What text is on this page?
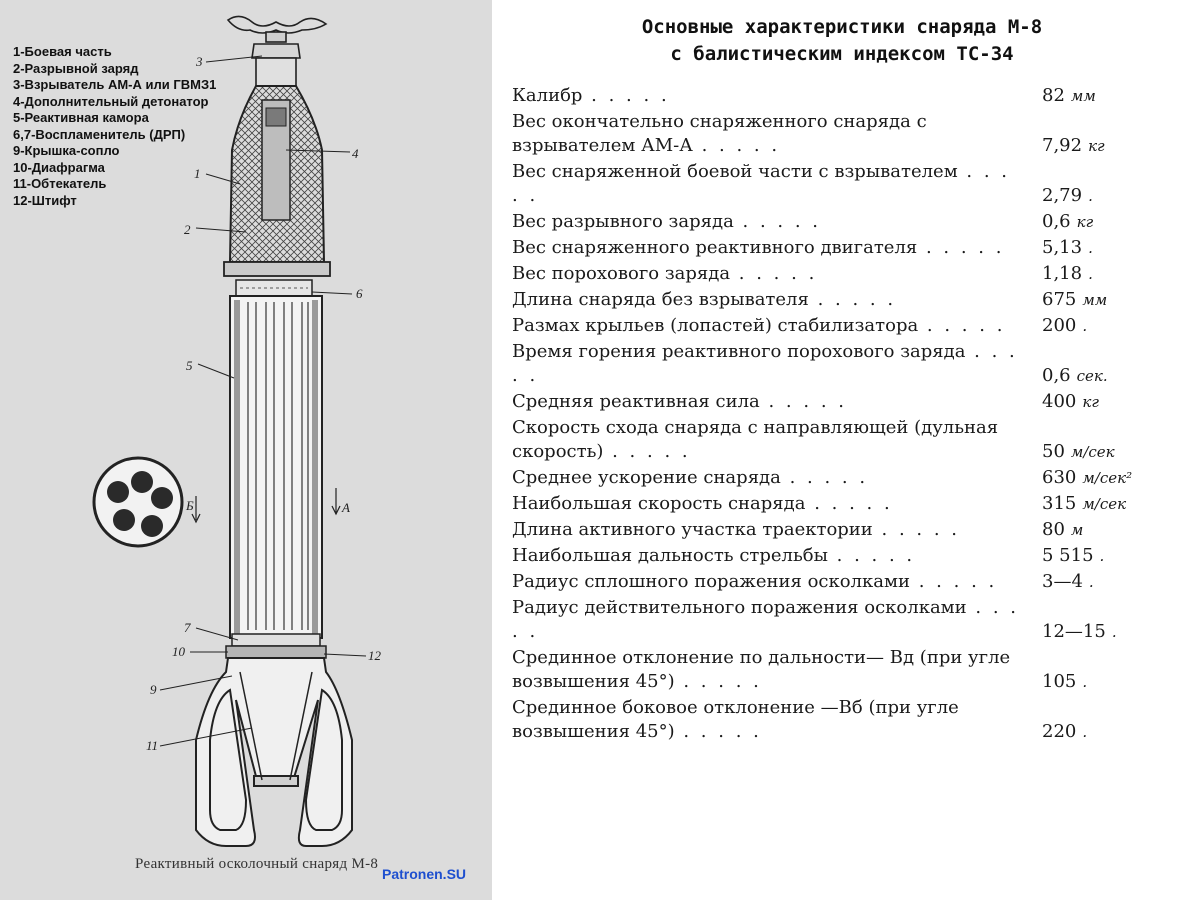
3
4
1
2
6
5
7
10	12
9
11
Б	А
1-Боевая часть
2-Разрывной заряд
3-Взрыватель АМ-А или ГВМЗ1
4-Дополнительный детонатор
5-Реактивная камора
6,7-Воспламенитель (ДРП)
9-Крышка-сопло
10-Диафрагма
11-Обтекатель
12-Штифт
Реактивный осколочный снаряд М-8
Patronen.SU
Основные характеристики снаряда М-8
с балистическим индексом ТС-34
Калибр . . . . .	82 мм
Вес окончательно снаряженного снаряда с взрывателем АМ-А . . . . .	7,92 кг
Вес снаряженной боевой части с взрывателем . . . . .	2,79 .
Вес разрывного заряда . . . . .	0,6 кг
Вес снаряженного реактивного двигателя . . . . .	5,13 .
Вес порохового заряда . . . . .	1,18 .
Длина снаряда без взрывателя . . . . .	675 мм
Размах крыльев (лопастей) стабилизатора . . . . .	200 .
Время горения реактивного порохового заряда . . . . .	0,6 сек.
Средняя реактивная сила . . . . .	400 кг
Скорость схода снаряда с направляющей (дульная скорость) . . . . .	50 м/сек
Среднее ускорение снаряда . . . . .	630 м/сек²
Наибольшая скорость снаряда . . . . .	315 м/сек
Длина активного участка траектории . . . . .	80 м
Наибольшая дальность стрельбы . . . . .	5 515 .
Радиус сплошного поражения осколками . . . . .	3—4 .
Радиус действительного поражения осколками . . . . .	12—15 .
Срединное отклонение по дальности— Вд (при угле возвышения 45°) . . . . .	105 .
Срединное боковое отклонение —Вб (при угле возвышения 45°) . . . . .	220 .
